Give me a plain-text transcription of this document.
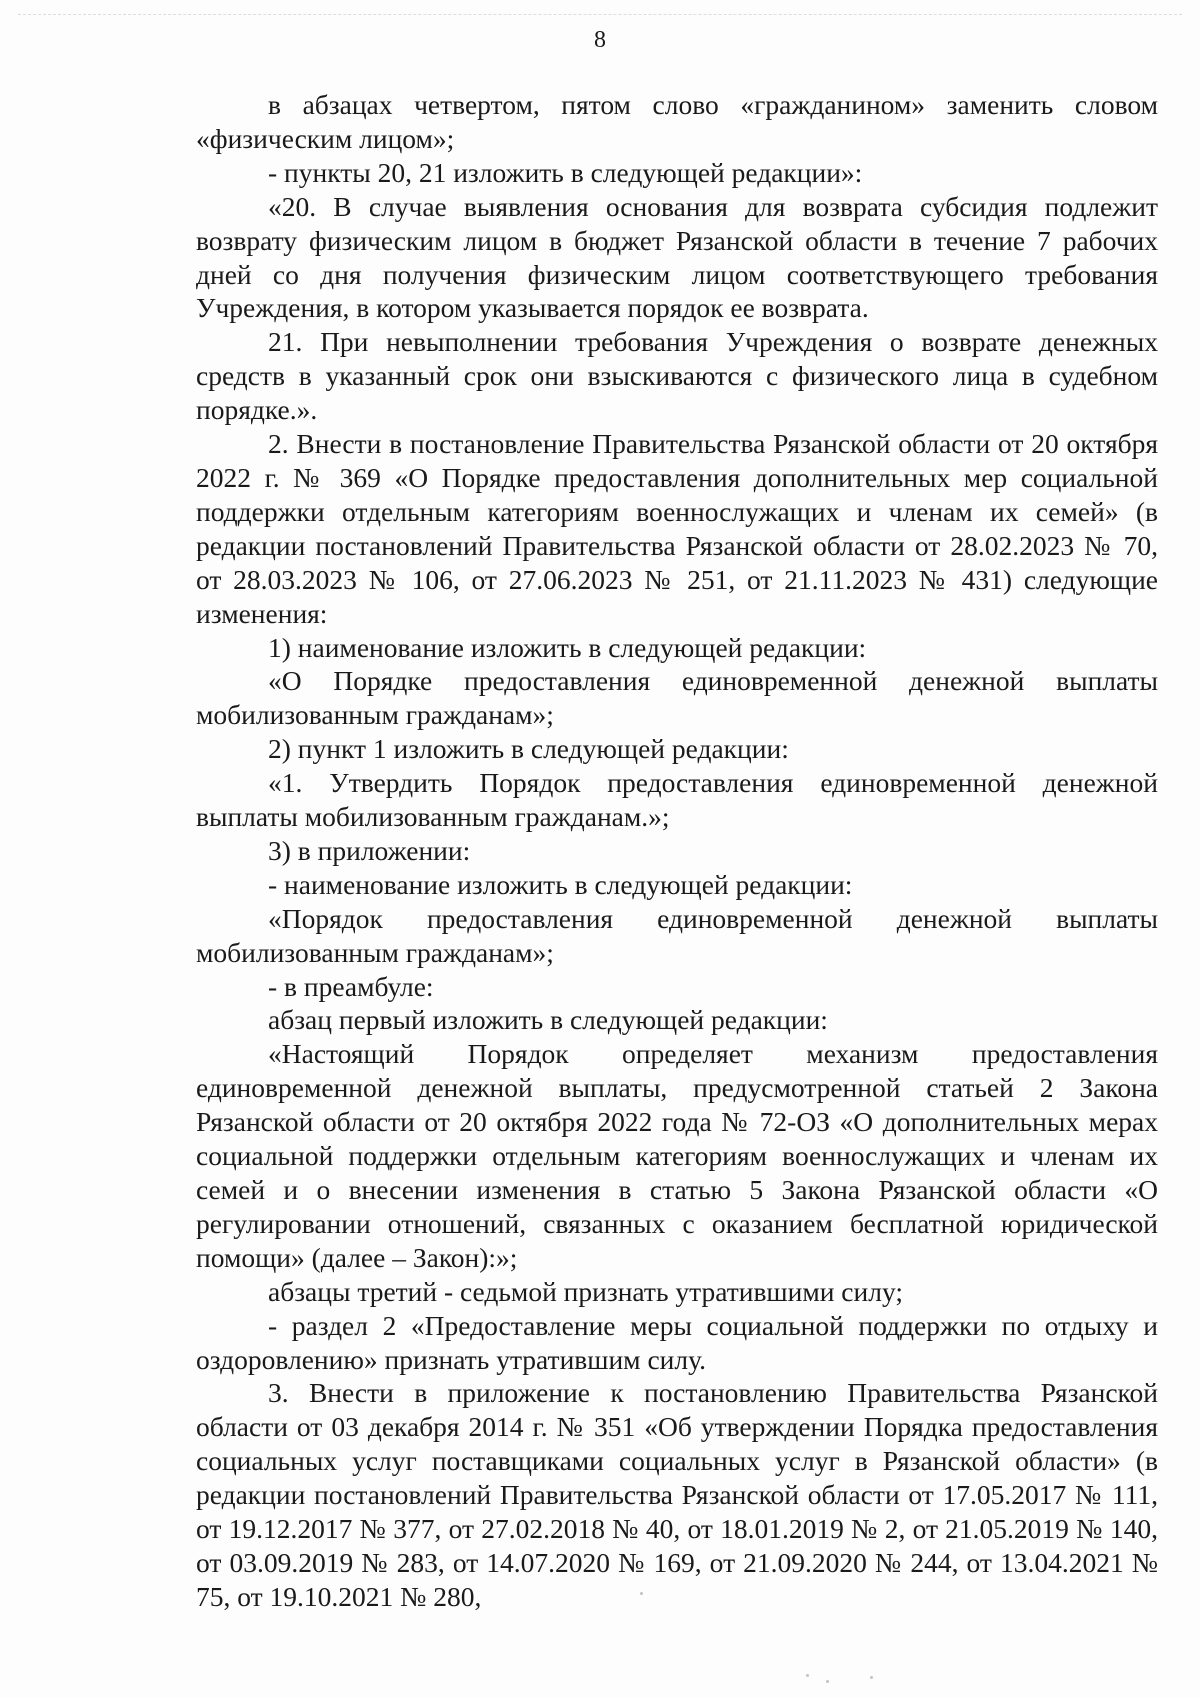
8

в абзацах четвертом, пятом слово «гражданином» заменить словом «физическим лицом»;

- пункты 20, 21 изложить в следующей редакции»:

«20. В случае выявления основания для возврата субсидия подлежит возврату физическим лицом в бюджет Рязанской области в течение 7 рабочих дней со дня получения физическим лицом соответствующего требования Учреждения, в котором указывается порядок ее возврата.

21. При невыполнении требования Учреждения о возврате денежных средств в указанный срок они взыскиваются с физического лица в судебном порядке.».

2. Внести в постановление Правительства Рязанской области от 20 октября 2022 г. № 369 «О Порядке предоставления дополнительных мер социальной поддержки отдельным категориям военнослужащих и членам их семей» (в редакции постановлений Правительства Рязанской области от 28.02.2023 № 70, от 28.03.2023 № 106, от 27.06.2023 № 251, от 21.11.2023 № 431) следующие изменения:

1) наименование изложить в следующей редакции:

«О Порядке предоставления единовременной денежной выплаты мобилизованным гражданам»;

2) пункт 1 изложить в следующей редакции:

«1. Утвердить Порядок предоставления единовременной денежной выплаты мобилизованным гражданам.»;

3) в приложении:

- наименование изложить в следующей редакции:

«Порядок предоставления единовременной денежной выплаты мобилизованным гражданам»;

- в преамбуле:

абзац первый изложить в следующей редакции:

«Настоящий Порядок определяет механизм предоставления единовременной денежной выплаты, предусмотренной статьей 2 Закона Рязанской области от 20 октября 2022 года № 72-ОЗ «О дополнительных мерах социальной поддержки отдельным категориям военнослужащих и членам их семей и о внесении изменения в статью 5 Закона Рязанской области «О регулировании отношений, связанных с оказанием бесплатной юридической помощи» (далее – Закон):»;

абзацы третий - седьмой признать утратившими силу;

- раздел 2 «Предоставление меры социальной поддержки по отдыху и оздоровлению» признать утратившим силу.

3. Внести в приложение к постановлению Правительства Рязанской области от 03 декабря 2014 г. № 351 «Об утверждении Порядка предоставления социальных услуг поставщиками социальных услуг в Рязанской области» (в редакции постановлений Правительства Рязанской области от 17.05.2017 № 111, от 19.12.2017 № 377, от 27.02.2018 № 40, от 18.01.2019 № 2, от 21.05.2019 № 140, от 03.09.2019 № 283, от 14.07.2020 № 169, от 21.09.2020 № 244, от 13.04.2021 № 75, от 19.10.2021 № 280,
